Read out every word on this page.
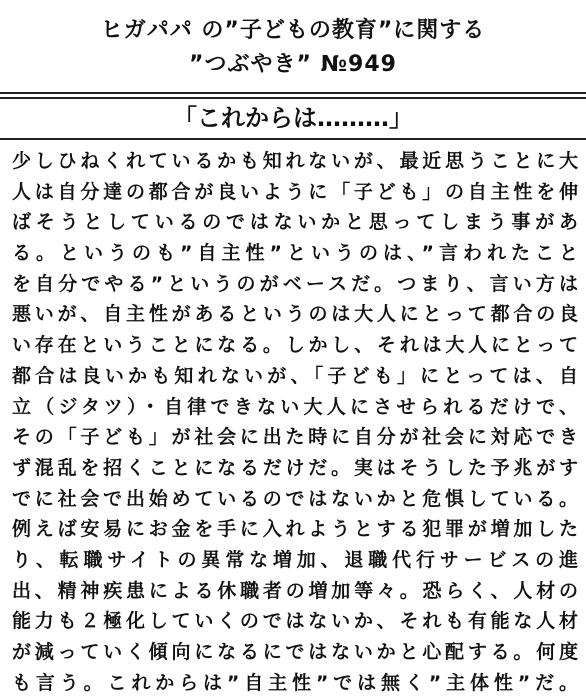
ヒガパパ の”子どもの教育”に関する
”つぶやき” №949
「これからは………」
少しひねくれているかも知れないが、最近思うことに大
人は自分達の都合が良いように「子ども」の自主性を伸
ばそうとしているのではないかと思ってしまう事があ
る。というのも”自主性”というのは、”言われたこと
を自分でやる”というのがベースだ。つまり、言い方は
悪いが、自主性があるというのは大人にとって都合の良
い存在ということになる。しかし、それは大人にとって
都合は良いかも知れないが、「子ども」にとっては、自
立（ジタツ）・自律できない大人にさせられるだけで、
その「子ども」が社会に出た時に自分が社会に対応でき
ず混乱を招くことになるだけだ。実はそうした予兆がす
でに社会で出始めているのではないかと危惧している。
例えば安易にお金を手に入れようとする犯罪が増加した
り、転職サイトの異常な増加、退職代行サービスの進
出、精神疾患による休職者の増加等々。恐らく、人材の
能力も２極化していくのではないか、それも有能な人材
が減っていく傾向になるにではないかと心配する。何度
も言う。これからは”自主性”では無く”主体性”だ。
